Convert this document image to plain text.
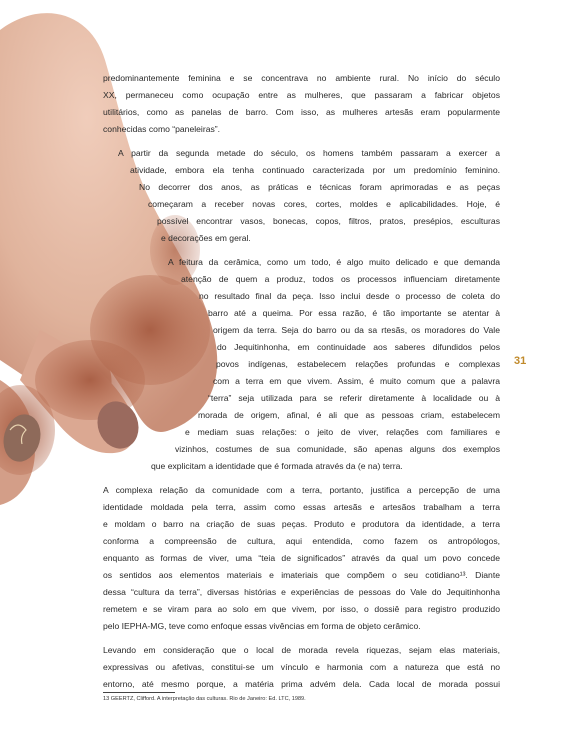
predominantemente feminina e se concentrava no ambiente rural. No início do século

XX, permaneceu como ocupação entre as mulheres, que passaram a fabricar objetos

utilitários, como as panelas de barro. Com isso, as mulheres artesãs eram popularmente

conhecidas como “paneleiras”.

A partir da segunda metade do século, os homens também passaram a exercer a

atividade, embora ela tenha continuado caracterizada por um predomínio feminino.

No decorrer dos anos, as práticas e técnicas foram aprimoradas e as peças

começaram a receber novas cores, cortes, moldes e aplicabilidades. Hoje, é

possível encontrar vasos, bonecas, copos, filtros, pratos, presépios, esculturas

e decorações em geral.

A feitura da cerâmica, como um todo, é algo muito delicado e que demanda

atenção de quem a produz, todos os processos influenciam diretamente

no resultado final da peça. Isso inclui desde o processo de coleta do

barro até a queima. Por essa razão, é tão importante se atentar à

origem da terra. Seja do barro ou da sa rtesãs, os moradores do Vale

do Jequitinhonha, em continuidade aos saberes difundidos pelos

povos indígenas, estabelecem relações profundas e complexas

com a terra em que vivem. Assim, é muito comum que a palavra

“terra” seja utilizada para se referir diretamente à localidade ou à

morada de origem, afinal, é ali que as pessoas criam, estabelecem

e mediam suas relações: o jeito de viver, relações com familiares e

vizinhos, costumes de sua comunidade, são apenas alguns dos exemplos

que explicitam a identidade que é formada através da (e na) terra.

A complexa relação da comunidade com a terra, portanto, justifica a percepção de uma

identidade moldada pela terra, assim como essas artesãs e artesãos trabalham a terra

e moldam o barro na criação de suas peças. Produto e produtora da identidade, a terra

conforma a compreensão de cultura, aqui entendida, como fazem os antropólogos,

enquanto as formas de viver, uma “teia de significados” através da qual um povo concede

os sentidos aos elementos materiais e imateriais que compõem o seu cotidiano¹³. Diante

dessa “cultura da terra”, diversas histórias e experiências de pessoas do Vale do Jequitinhonha

remetem e se viram para ao solo em que vivem, por isso, o dossiê para registro produzido

pelo IEPHA-MG, teve como enfoque essas vivências em forma de objeto cerâmico.

Levando em consideração que o local de morada revela riquezas, sejam elas materiais,

expressivas ou afetivas, constitui-se um vínculo e harmonia com a natureza que está no

entorno, até mesmo porque, a matéria prima advém dela. Cada local de morada possui

31
13 GEERTZ, Clifford. A interpretação das culturas. Rio de Janeiro: Ed. LTC, 1989.
